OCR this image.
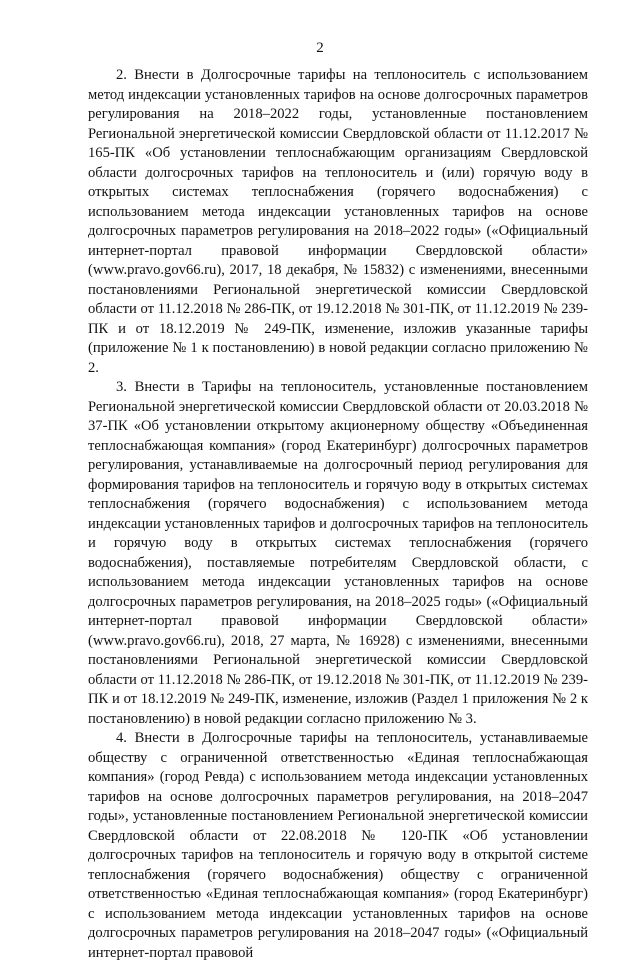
2

2. Внести в Долгосрочные тарифы на теплоноситель с использованием метод индексации установленных тарифов на основе долгосрочных параметров регулирования на 2018–2022 годы, установленные постановлением Региональной энергетической комиссии Свердловской области от 11.12.2017 № 165-ПК «Об установлении теплоснабжающим организациям Свердловской области долгосрочных тарифов на теплоноситель и (или) горячую воду в открытых системах теплоснабжения (горячего водоснабжения) с использованием метода индексации установленных тарифов на основе долгосрочных параметров регулирования на 2018–2022 годы» («Официальный интернет-портал правовой информации Свердловской области» (www.pravo.gov66.ru), 2017, 18 декабря, № 15832) с изменениями, внесенными постановлениями Региональной энергетической комиссии Свердловской области от 11.12.2018 № 286-ПК, от 19.12.2018 № 301-ПК, от 11.12.2019 № 239-ПК и от 18.12.2019 № 249-ПК, изменение, изложив указанные тарифы (приложение № 1 к постановлению) в новой редакции согласно приложению № 2.

3. Внести в Тарифы на теплоноситель, установленные постановлением Региональной энергетической комиссии Свердловской области от 20.03.2018 № 37-ПК «Об установлении открытому акционерному обществу «Объединенная теплоснабжающая компания» (город Екатеринбург) долгосрочных параметров регулирования, устанавливаемые на долгосрочный период регулирования для формирования тарифов на теплоноситель и горячую воду в открытых системах теплоснабжения (горячего водоснабжения) с использованием метода индексации установленных тарифов и долгосрочных тарифов на теплоноситель и горячую воду в открытых системах теплоснабжения (горячего водоснабжения), поставляемые потребителям Свердловской области, с использованием метода индексации установленных тарифов на основе долгосрочных параметров регулирования, на 2018–2025 годы» («Официальный интернет-портал правовой информации Свердловской области» (www.pravo.gov66.ru), 2018, 27 марта, № 16928) с изменениями, внесенными постановлениями Региональной энергетической комиссии Свердловской области от 11.12.2018 № 286-ПК, от 19.12.2018 № 301-ПК, от 11.12.2019 № 239-ПК и от 18.12.2019 № 249-ПК, изменение, изложив (Раздел 1 приложения № 2 к постановлению) в новой редакции согласно приложению № 3.

4. Внести в Долгосрочные тарифы на теплоноситель, устанавливаемые обществу с ограниченной ответственностью «Единая теплоснабжающая компания» (город Ревда) с использованием метода индексации установленных тарифов на основе долгосрочных параметров регулирования, на 2018–2047 годы», установленные постановлением Региональной энергетической комиссии Свердловской области от 22.08.2018 № 120-ПК «Об установлении долгосрочных тарифов на теплоноситель и горячую воду в открытой системе теплоснабжения (горячего водоснабжения) обществу с ограниченной ответственностью «Единая теплоснабжающая компания» (город Екатеринбург) с использованием метода индексации установленных тарифов на основе долгосрочных параметров регулирования на 2018–2047 годы» («Официальный интернет-портал правовой
